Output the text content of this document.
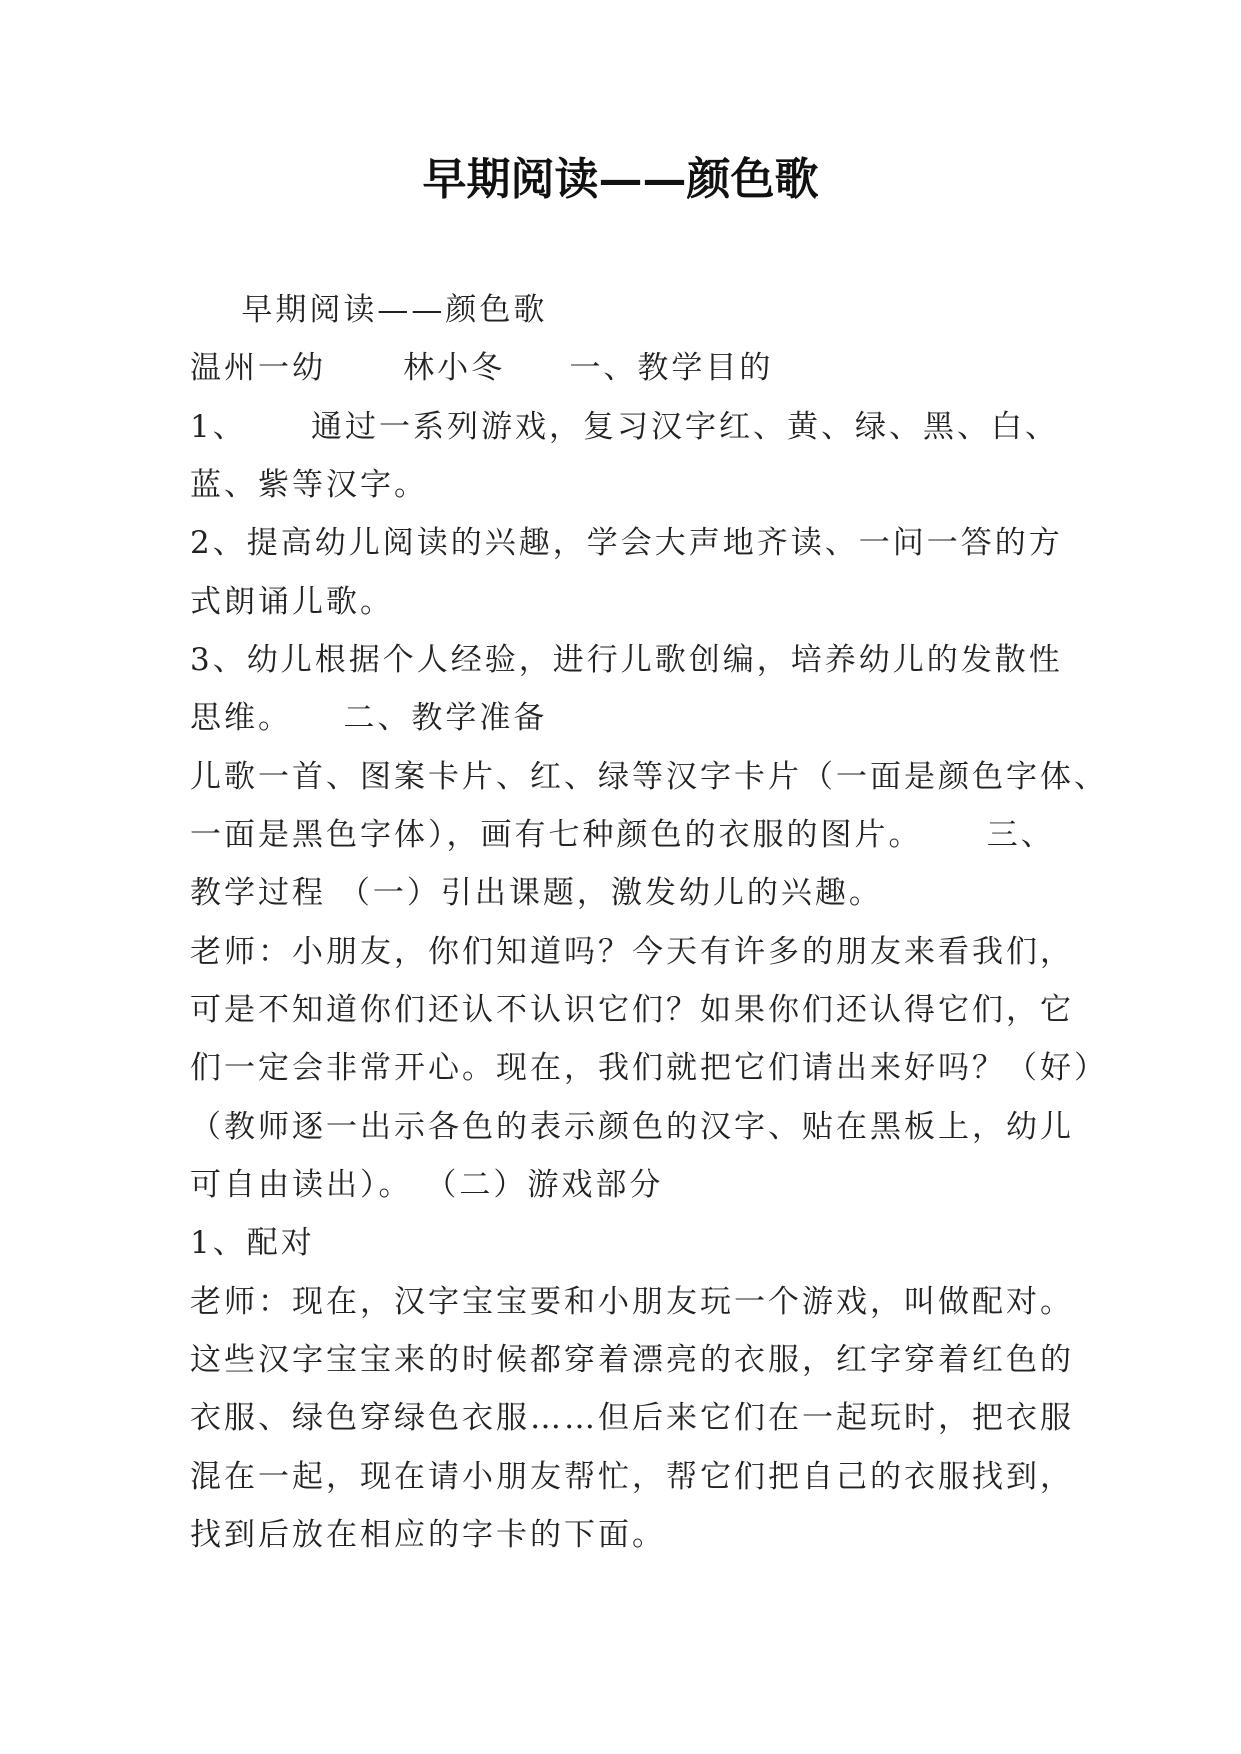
早期阅读——颜色歌

早期阅读——颜色歌

温州一幼      林小冬     一、教学目的

1、     通过一系列游戏，复习汉字红、黄、绿、黑、白、

蓝、紫等汉字。

2、提高幼儿阅读的兴趣，学会大声地齐读、一问一答的方

式朗诵儿歌。

3、幼儿根据个人经验，进行儿歌创编，培养幼儿的发散性

思维。    二、教学准备

儿歌一首、图案卡片、红、绿等汉字卡片（一面是颜色字体、

一面是黑色字体），画有七种颜色的衣服的图片。     三、

教学过程 （一）引出课题，激发幼儿的兴趣。

老师：小朋友，你们知道吗？今天有许多的朋友来看我们，

可是不知道你们还认不认识它们？如果你们还认得它们，它

们一定会非常开心。现在，我们就把它们请出来好吗？（好）

（教师逐一出示各色的表示颜色的汉字、贴在黑板上，幼儿

可自由读出）。 （二）游戏部分

1、配对

老师：现在，汉字宝宝要和小朋友玩一个游戏，叫做配对。

这些汉字宝宝来的时候都穿着漂亮的衣服，红字穿着红色的

衣服、绿色穿绿色衣服……但后来它们在一起玩时，把衣服

混在一起，现在请小朋友帮忙，帮它们把自己的衣服找到，

找到后放在相应的字卡的下面。
